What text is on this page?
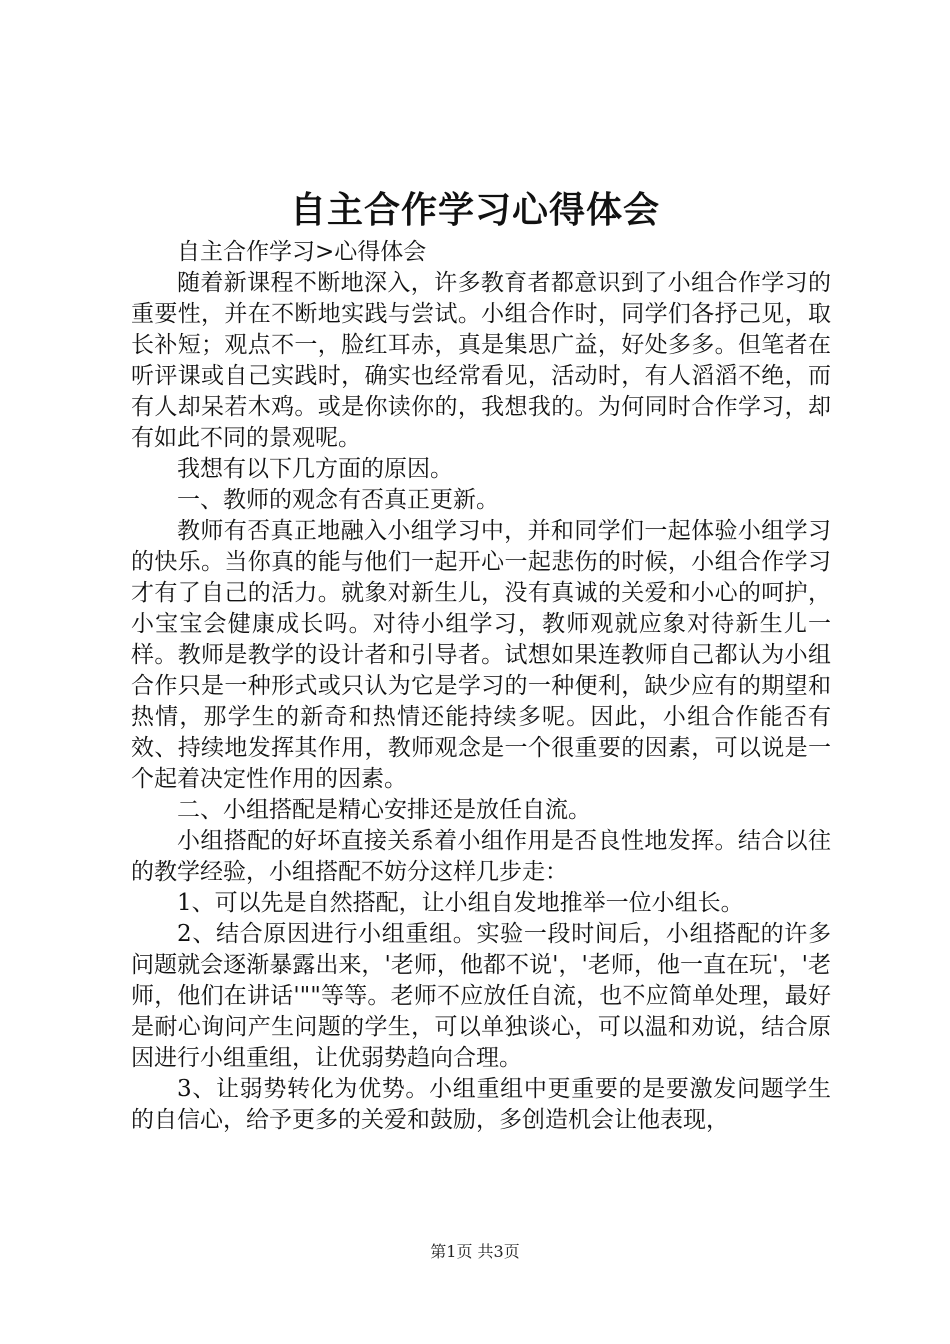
自主合作学习心得体会

自主合作学习>心得体会

随着新课程不断地深入，许多教育者都意识到了小组合作学习的重要性，并在不断地实践与尝试。小组合作时，同学们各抒己见，取长补短；观点不一，脸红耳赤，真是集思广益，好处多多。但笔者在听评课或自己实践时，确实也经常看见，活动时，有人滔滔不绝，而有人却呆若木鸡。或是你读你的，我想我的。为何同时合作学习，却有如此不同的景观呢。

我想有以下几方面的原因。

一、教师的观念有否真正更新。

教师有否真正地融入小组学习中，并和同学们一起体验小组学习的快乐。当你真的能与他们一起开心一起悲伤的时候，小组合作学习才有了自己的活力。就象对新生儿，没有真诚的关爱和小心的呵护，小宝宝会健康成长吗。对待小组学习，教师观就应象对待新生儿一样。教师是教学的设计者和引导者。试想如果连教师自己都认为小组合作只是一种形式或只认为它是学习的一种便利，缺少应有的期望和热情，那学生的新奇和热情还能持续多呢。因此，小组合作能否有效、持续地发挥其作用，教师观念是一个很重要的因素，可以说是一个起着决定性作用的因素。

二、小组搭配是精心安排还是放任自流。

小组搭配的好坏直接关系着小组作用是否良性地发挥。结合以往的教学经验，小组搭配不妨分这样几步走：

1、可以先是自然搭配，让小组自发地推举一位小组长。

2、结合原因进行小组重组。实验一段时间后，小组搭配的许多问题就会逐渐暴露出来，'老师，他都不说'，'老师，他一直在玩'，'老师，他们在讲话'""等等。老师不应放任自流，也不应简单处理，最好是耐心询问产生问题的学生，可以单独谈心，可以温和劝说，结合原因进行小组重组，让优弱势趋向合理。

3、让弱势转化为优势。小组重组中更重要的是要激发问题学生的自信心，给予更多的关爱和鼓励，多创造机会让他表现，

第1页 共3页
